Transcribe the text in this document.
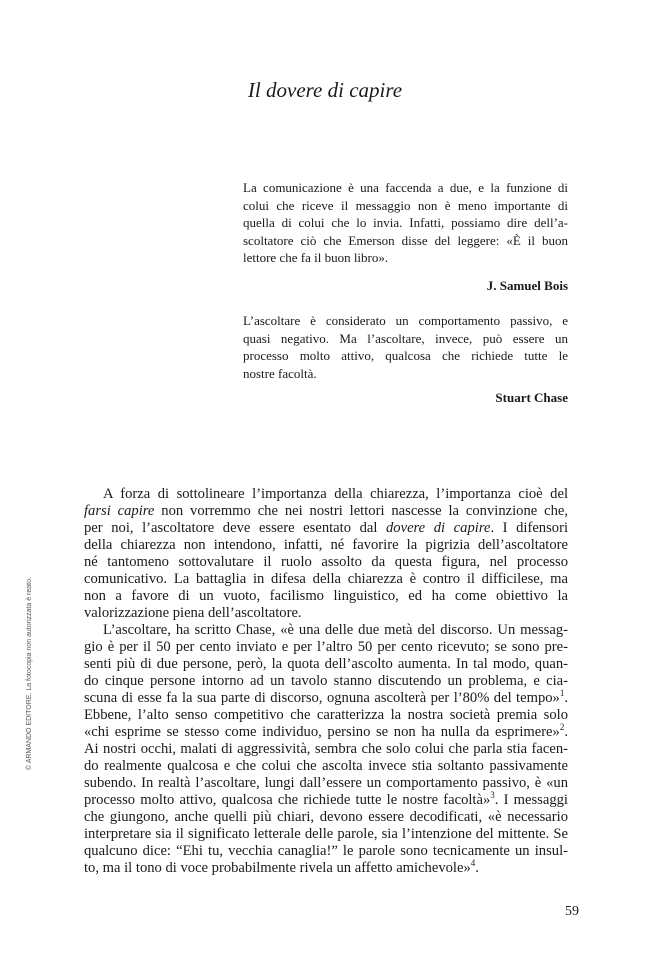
Il dovere di capire
La comunicazione è una faccenda a due, e la funzione di
colui che riceve il messaggio non è meno importante di
quella di colui che lo invia. Infatti, possiamo dire dell’a-
scoltatore ciò che Emerson disse del leggere: «È il buon
lettore che fa il buon libro».
J. Samuel Bois
L’ascoltare è considerato un comportamento passivo, e
quasi negativo. Ma l’ascoltare, invece, può essere un
processo molto attivo, qualcosa che richiede tutte le
nostre facoltà.
Stuart Chase
A forza di sottolineare l’importanza della chiarezza, l’importanza cioè del
farsi capire non vorremmo che nei nostri lettori nascesse la convinzione che,
per noi, l’ascoltatore deve essere esentato dal dovere di capire. I difensori
della chiarezza non intendono, infatti, né favorire la pigrizia dell’ascoltatore
né tantomeno sottovalutare il ruolo assolto da questa figura, nel processo
comunicativo. La battaglia in difesa della chiarezza è contro il difficilese, ma
non a favore di un vuoto, facilismo linguistico, ed ha come obiettivo la
valorizzazione piena dell’ascoltatore.
L’ascoltare, ha scritto Chase, «è una delle due metà del discorso. Un messag-
gio è per il 50 per cento inviato e per l’altro 50 per cento ricevuto; se sono pre-
senti più di due persone, però, la quota dell’ascolto aumenta. In tal modo, quan-
do cinque persone intorno ad un tavolo stanno discutendo un problema, e cia-
scuna di esse fa la sua parte di discorso, ognuna ascolterà per l’80% del tempo»$^1$.
Ebbene, l’alto senso competitivo che caratterizza la nostra società premia solo
«chi esprime se stesso come individuo, persino se non ha nulla da esprimere»$^2$.
Ai nostri occhi, malati di aggressività, sembra che solo colui che parla stia facen-
do realmente qualcosa e che colui che ascolta invece stia soltanto passivamente
subendo. In realtà l’ascoltare, lungi dall’essere un comportamento passivo, è «un
processo molto attivo, qualcosa che richiede tutte le nostre facoltà»$^3$. I messaggi
che giungono, anche quelli più chiari, devono essere decodificati, «è necessario
interpretare sia il significato letterale delle parole, sia l’intenzione del mittente. Se
qualcuno dice: “Ehi tu, vecchia canaglia!” le parole sono tecnicamente un insul-
to, ma il tono di voce probabilmente rivela un affetto amichevole»$^4$.
59
© ARMANDO EDITORE. La fotocopia non autorizzata è reato.
